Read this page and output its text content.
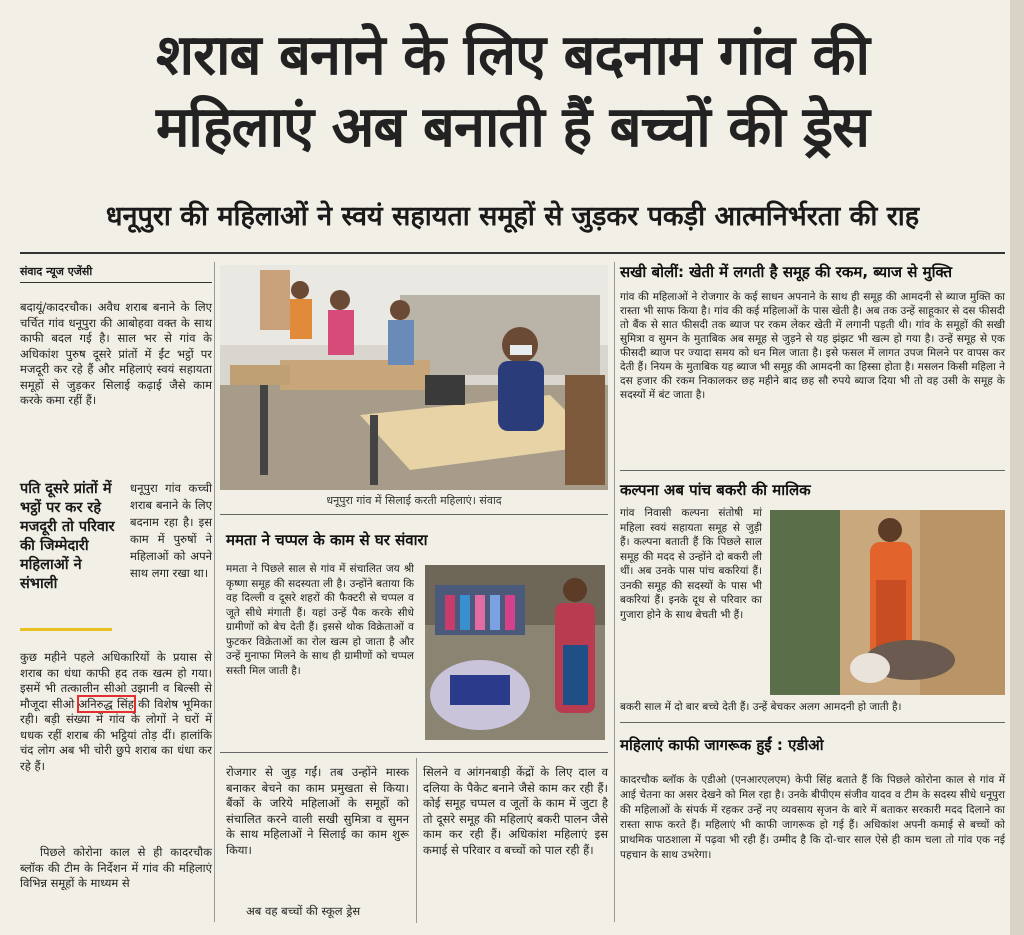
शराब बनाने के लिए बदनाम गांव की
महिलाएं अब बनाती हैं बच्चों की ड्रेस
धनूपुरा की महिलाओं ने स्वयं सहायता समूहों से जुड़कर पकड़ी आत्मनिर्भरता की राह
संवाद न्यूज एजेंसी
बदायूं/कादरचौक। अवैध शराब बनाने के लिए चर्चित गांव धनूपुरा की आबोहवा वक्त के साथ काफी बदल गई है। साल भर से गांव के अधिकांश पुरुष दूसरे प्रांतों में ईंट भट्ठों पर मजदूरी कर रहे हैं और महिलाएं स्वयं सहायता समूहों से जुड़कर सिलाई कढ़ाई जैसे काम करके कमा रहीं हैं।
पति दूसरे प्रांतों में भट्ठों पर कर रहे मजदूरी तो परिवार की जिम्मेदारी महिलाओं ने संभाली
धनूपुरा गांव कच्ची शराब बनाने के लिए बदनाम रहा है। इस काम में पुरुषों ने महिलाओं को अपने साथ लगा रखा था।
कुछ महीने पहले अधिकारियों के प्रयास से शराब का धंधा काफी हद तक खत्म हो गया। इसमें भी तत्कालीन सीओ उझानी व बिल्सी से मौजूदा सीओ अनिरुद्ध सिंह की विशेष भूमिका रही। बड़ी संख्या में गांव के लोगों ने घरों में धधक रहीं शराब की भट्ठियां तोड़ दीं। हालांकि चंद लोग अब भी चोरी छुपे शराब का धंधा कर रहे हैं।
पिछले कोरोना काल से ही कादरचौक ब्लॉक की टीम के निर्देशन में गांव की महिलाएं विभिन्न समूहों के माध्यम से
धनूपुरा गांव में सिलाई करती महिलाएं। संवाद
ममता ने चप्पल के काम से घर संवारा
ममता ने पिछले साल से गांव में संचालित जय श्री कृष्णा समूह की सदस्यता ली है। उन्होंने बताया कि वह दिल्ली व दूसरे शहरों की फैक्टरी से चप्पल व जूते सीधे मंगाती हैं। यहां उन्हें पैक करके सीधे ग्रामीणों को बेच देती हैं। इससे थोक विक्रेताओं व फुटकर विक्रेताओं का रोल खत्म हो जाता है और उन्हें मुनाफा मिलने के साथ ही ग्रामीणों को चप्पल सस्ती मिल जाती है।
रोजगार से जुड़ गईं। तब उन्होंने मास्क बनाकर बेचने का काम प्रमुखता से किया। बैंकों के जरिये महिलाओं के समूहों को संचालित करने वाली सखी सुमित्रा व सुमन के साथ महिलाओं ने सिलाई का काम शुरू किया।
अब वह बच्चों की स्कूल ड्रेस
सिलने व आंगनबाड़ी केंद्रों के लिए दाल व दलिया के पैकेट बनाने जैसे काम कर रही हैं। कोई समूह चप्पल व जूतों के काम में जुटा है तो दूसरे समूह की महिलाएं बकरी पालन जैसे काम कर रही हैं। अधिकांश महिलाएं इस कमाई से परिवार व बच्चों को पाल रही हैं।
सखी बोलीं: खेती में लगती है समूह की रकम, ब्याज से मुक्ति
गांव की महिलाओं ने रोजगार के कई साधन अपनाने के साथ ही समूह की आमदनी से ब्याज मुक्ति का रास्ता भी साफ किया है। गांव की कई महिलाओं के पास खेती है। अब तक उन्हें साहूकार से दस फीसदी तो बैंक से सात फीसदी तक ब्याज पर रकम लेकर खेती में लगानी पड़ती थी। गांव के समूहों की सखी सुमित्रा व सुमन के मुताबिक अब समूह से जुड़ने से यह झंझट भी खत्म हो गया है। उन्हें समूह से एक फीसदी ब्याज पर ज्यादा समय को धन मिल जाता है। इसे फसल में लागत उपज मिलने पर वापस कर देती हैं। नियम के मुताबिक यह ब्याज भी समूह की आमदनी का हिस्सा होता है। मसलन किसी महिला ने दस हजार की रकम निकालकर छह महीने बाद छह सौ रुपये ब्याज दिया भी तो वह उसी के समूह के सदस्यों में बंट जाता है।
कल्पना अब पांच बकरी की मालिक
गांव निवासी कल्पना संतोषी मां महिला स्वयं सहायता समूह से जुड़ी हैं। कल्पना बताती हैं कि पिछले साल समूह की मदद से उन्होंने दो बकरी ली थीं। अब उनके पास पांच बकरियां हैं। उनकी समूह की सदस्यों के पास भी बकरियां हैं। इनके दूध से परिवार का गुजारा होने के साथ बेचती भी हैं।
बकरी साल में दो बार बच्चे देती हैं। उन्हें बेचकर अलग आमदनी हो जाती है।
महिलाएं काफी जागरूक हुईं : एडीओ
कादरचौक ब्लॉक के एडीओ (एनआरएलएम) केपी सिंह बताते हैं कि पिछले कोरोना काल से गांव में आई चेतना का असर देखने को मिल रहा है। उनके बीपीएम संजीव यादव व टीम के सदस्य सीधे धनूपुरा की महिलाओं के संपर्क में रहकर उन्हें नए व्यवसाय सृजन के बारे में बताकर सरकारी मदद दिलाने का रास्ता साफ करते हैं। महिलाएं भी काफी जागरूक हो गई हैं। अधिकांश अपनी कमाई से बच्चों को प्राथमिक पाठशाला में पढ़वा भी रही हैं। उम्मीद है कि दो-चार साल ऐसे ही काम चला तो गांव एक नई पहचान के साथ उभरेगा।
